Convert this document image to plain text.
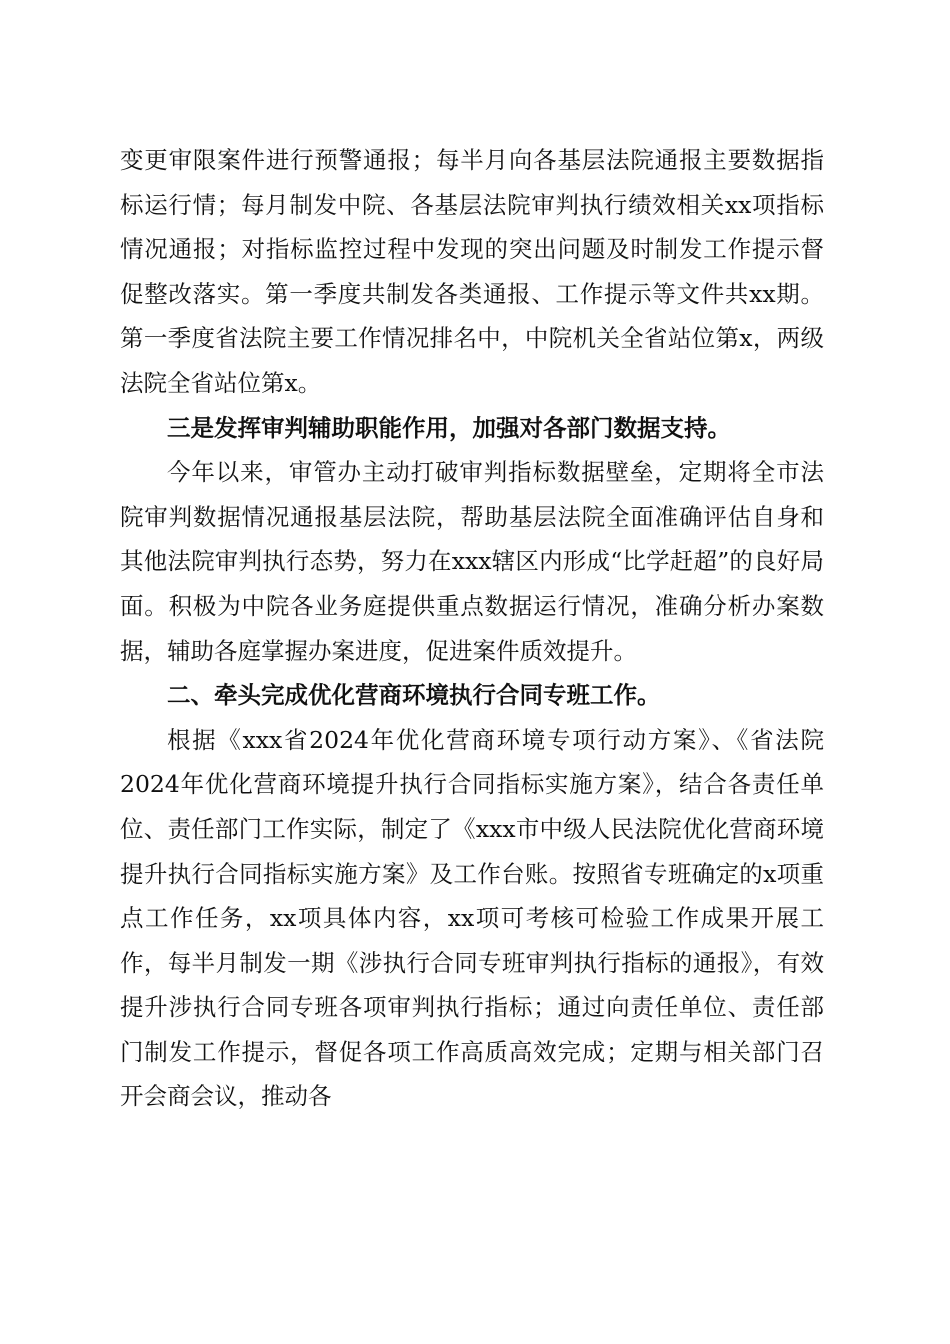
变更审限案件进行预警通报；每半月向各基层法院通报主要数据指标运行情；每月制发中院、各基层法院审判执行绩效相关xx项指标情况通报；对指标监控过程中发现的突出问题及时制发工作提示督促整改落实。第一季度共制发各类通报、工作提示等文件共xx期。第一季度省法院主要工作情况排名中，中院机关全省站位第x，两级法院全省站位第x。

三是发挥审判辅助职能作用，加强对各部门数据支持。

今年以来，审管办主动打破审判指标数据壁垒，定期将全市法院审判数据情况通报基层法院，帮助基层法院全面准确评估自身和其他法院审判执行态势，努力在xxx辖区内形成“比学赶超”的良好局面。积极为中院各业务庭提供重点数据运行情况，准确分析办案数据，辅助各庭掌握办案进度，促进案件质效提升。

二、牵头完成优化营商环境执行合同专班工作。

根据《xxx省2024年优化营商环境专项行动方案》、《省法院2024年优化营商环境提升执行合同指标实施方案》，结合各责任单位、责任部门工作实际，制定了《xxx市中级人民法院优化营商环境提升执行合同指标实施方案》及工作台账。按照省专班确定的x项重点工作任务，xx项具体内容，xx项可考核可检验工作成果开展工作，每半月制发一期《涉执行合同专班审判执行指标的通报》，有效提升涉执行合同专班各项审判执行指标；通过向责任单位、责任部门制发工作提示，督促各项工作高质高效完成；定期与相关部门召开会商会议，推动各
